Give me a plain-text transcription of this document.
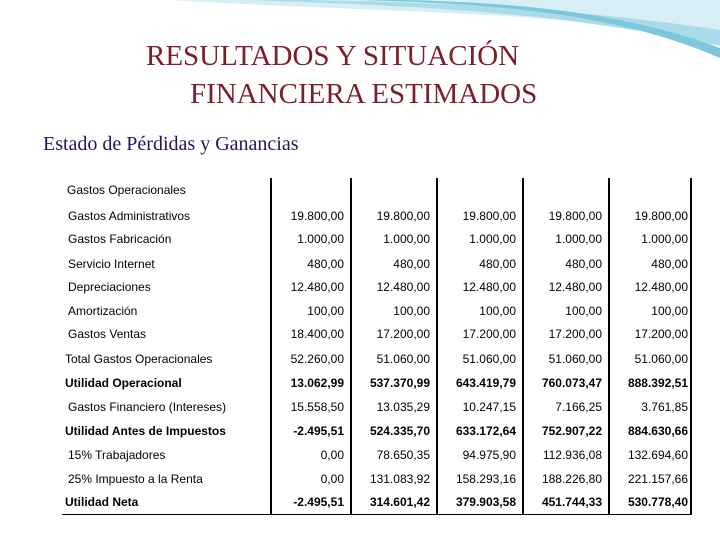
RESULTADOS Y SITUACIÓN
FINANCIERA ESTIMADOS
Estado de Pérdidas y Ganancias
Gastos Operacionales
Gastos Administrativos	19.800,00	19.800,00	19.800,00	19.800,00	19.800,00
Gastos Fabricación	1.000,00	1.000,00	1.000,00	1.000,00	1.000,00
Servicio Internet	480,00	480,00	480,00	480,00	480,00
Depreciaciones	12.480,00	12.480,00	12.480,00	12.480,00	12.480,00
Amortización	100,00	100,00	100,00	100,00	100,00
Gastos Ventas	18.400,00	17.200,00	17.200,00	17.200,00	17.200,00
Total Gastos Operacionales	52.260,00	51.060,00	51.060,00	51.060,00	51.060,00
Utilidad Operacional	13.062,99	537.370,99	643.419,79	760.073,47	888.392,51
Gastos Financiero (Intereses)	15.558,50	13.035,29	10.247,15	7.166,25	3.761,85
Utilidad Antes de Impuestos	-2.495,51	524.335,70	633.172,64	752.907,22	884.630,66
15% Trabajadores	0,00	78.650,35	94.975,90	112.936,08	132.694,60
25% Impuesto a la Renta	0,00	131.083,92	158.293,16	188.226,80	221.157,66
Utilidad Neta	-2.495,51	314.601,42	379.903,58	451.744,33	530.778,40
